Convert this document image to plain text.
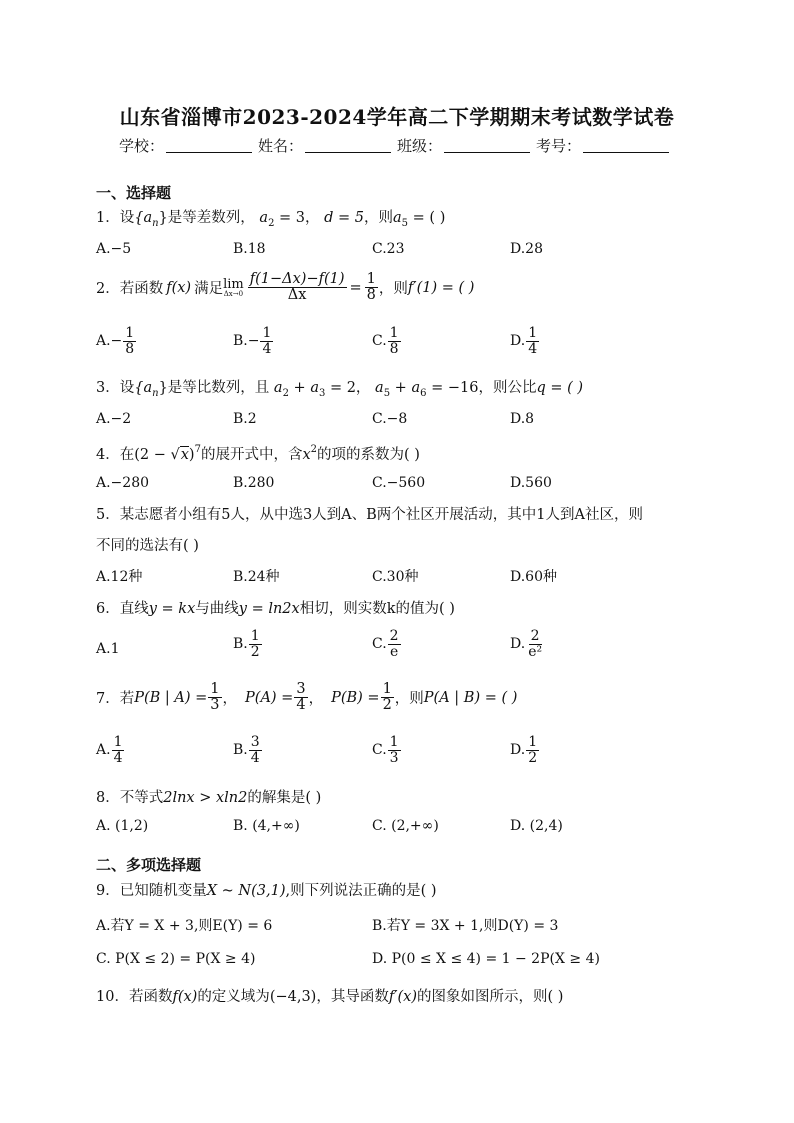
山东省淄博市2023-2024学年高二下学期期末考试数学试卷
学校：	姓名：	班级：	考号：
一、选择题
1．设$\{a_n\}$是等差数列， $a_2 = 3$， d = 5，则$a_5$ = ( )
A.−5	B.18	C.23	D.28
2．若函数 f(x) 满足 lim
$\Delta x\to 0 \frac{f(1-\Delta x)-f(1)}{\Delta x} = \frac{1}{8}$ ，则 f′(1) = ( )
$A.- \frac{1}{8}$	$B.- \frac{1}{4}$	C. $\frac{1}{8}$	D. $\frac{1}{4}$
3．设$\{a_n\}$是等比数列，且 $a_2 + a_3 = 2$， $a_5 + a_6 = -16$，则公比q = ( )
A.−2	B.2	C.−8	D.8
4．在$(2 - √x)^7$的展开式中，含$x^2$的项的系数为( )
A.−280	B.280	C.−560	D.560
5．某志愿者小组有5人，从中选3人到A、B两个社区开展活动，其中1人到A社区，则
不同的选法有( )
A.12种	B.24种	C.30种	D.60种
6．直线y = kx与曲线y = ln2x相切，则实数k的值为( )
A.1	B. $\frac{1}{2}$	C. $\frac{2}{e}$	D. $\frac{2}{\text{e²}}$
7．若 P(B | $A) = \frac{1}{3}$ ， $P(A) = \frac{3}{4}$ ， $P(B) = \frac{1}{2}$ ，则 P(A | B) = ( )
A. $\frac{1}{4}$	B. $\frac{3}{4}$	C. $\frac{1}{3}$	D. $\frac{1}{2}$
8．不等式2lnx > xln2的解集是( )
A. (1,2)	B. (4,+∞)	C. (2,+∞)	D. (2,4)
二、多项选择题
9．已知随机变量X ~ N(3,1),则下列说法正确的是( )
A.若Y = X + 3,则E(Y) = 6	B.若Y = 3X + 1,则D(Y) = 3
C. P(X ≤ 2) = P(X ≥ 4)	D. P(0 ≤ X ≤ 4) = 1 − 2P(X ≥ 4)
10．若函数f(x)的定义域为(−4,3)，其导函数f′(x)的图象如图所示，则( )
